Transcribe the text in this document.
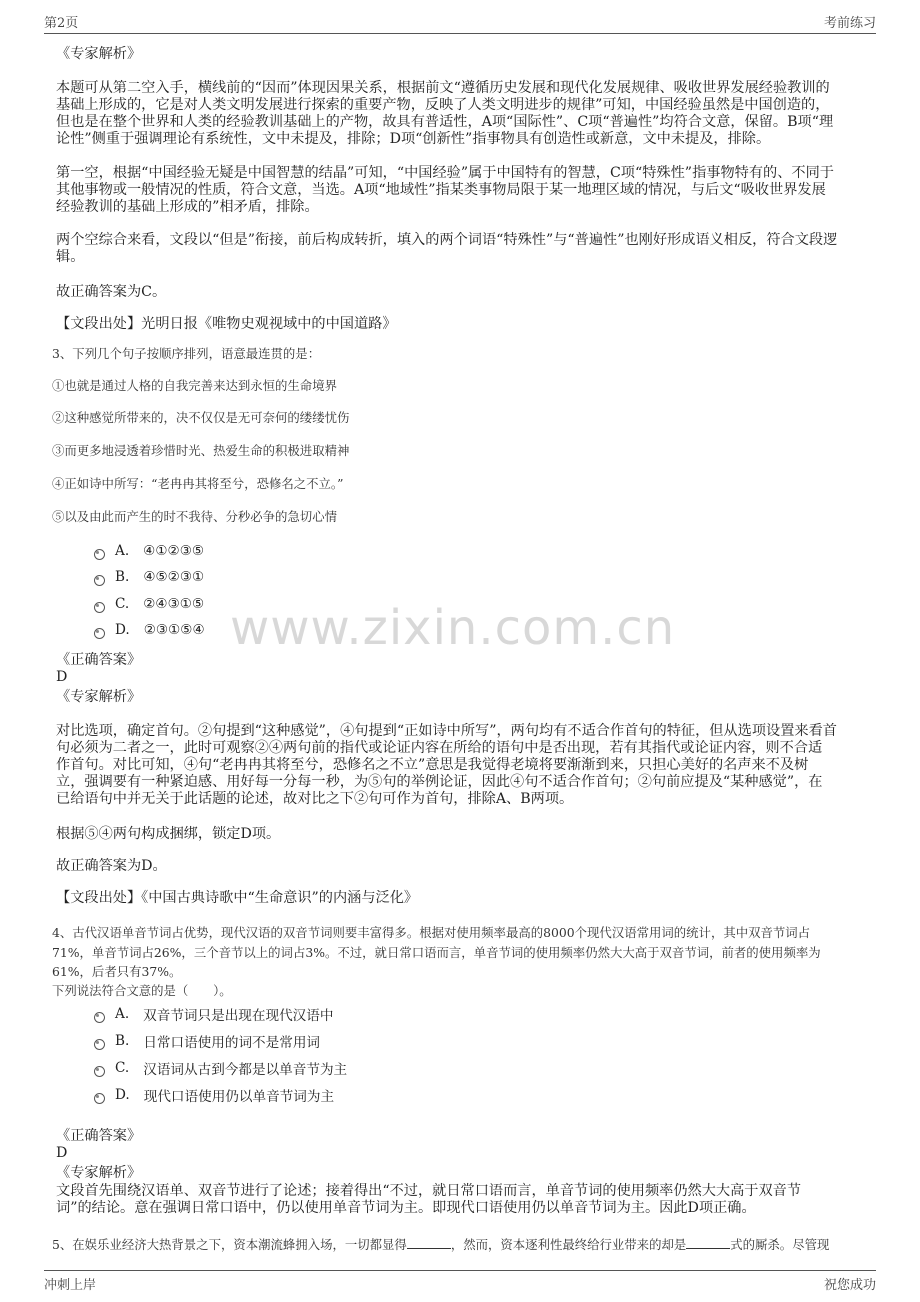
第2页	考前练习
www.zixin.com.cn
《专家解析》
本题可从第二空入手，横线前的“因而”体现因果关系，根据前文“遵循历史发展和现代化发展规律、吸收世界发展经验教训的
基础上形成的，它是对人类文明发展进行探索的重要产物，反映了人类文明进步的规律”可知，中国经验虽然是中国创造的，
但也是在整个世界和人类的经验教训基础上的产物，故具有普适性，A项“国际性”、C项“普遍性”均符合文意，保留。B项“理
论性”侧重于强调理论有系统性，文中未提及，排除；D项“创新性”指事物具有创造性或新意，文中未提及，排除。
第一空，根据“中国经验无疑是中国智慧的结晶”可知，“中国经验”属于中国特有的智慧，C项“特殊性”指事物特有的、不同于
其他事物或一般情况的性质，符合文意，当选。A项“地域性”指某类事物局限于某一地理区域的情况，与后文“吸收世界发展
经验教训的基础上形成的”相矛盾，排除。
两个空综合来看，文段以“但是”衔接，前后构成转折，填入的两个词语“特殊性”与“普遍性”也刚好形成语义相反，符合文段逻
辑。
故正确答案为C。
【文段出处】光明日报《唯物史观视域中的中国道路》
3、下列几个句子按顺序排列，语意最连贯的是：
①也就是通过人格的自我完善来达到永恒的生命境界
②这种感觉所带来的，决不仅仅是无可奈何的缕缕忧伤
③而更多地浸透着珍惜时光、热爱生命的积极进取精神
④正如诗中所写：“老冉冉其将至兮，恐修名之不立。”
⑤以及由此而产生的时不我待、分秒必争的急切心情
A. ④①②③⑤
B. ④⑤②③①
C. ②④③①⑤
D. ②③①⑤④
《正确答案》
D
《专家解析》
对比选项，确定首句。②句提到“这种感觉”，④句提到“正如诗中所写”，两句均有不适合作首句的特征，但从选项设置来看首
句必须为二者之一，此时可观察②④两句前的指代或论证内容在所给的语句中是否出现，若有其指代或论证内容，则不合适
作首句。对比可知，④句“老冉冉其将至兮，恐修名之不立”意思是我觉得老境将要渐渐到来，只担心美好的名声来不及树
立，强调要有一种紧迫感、用好每一分每一秒，为⑤句的举例论证，因此④句不适合作首句；②句前应提及“某种感觉”，在
已给语句中并无关于此话题的论述，故对比之下②句可作为首句，排除A、B两项。
根据⑤④两句构成捆绑，锁定D项。
故正确答案为D。
【文段出处】《中国古典诗歌中“生命意识”的内涵与泛化》
4、古代汉语单音节词占优势，现代汉语的双音节词则要丰富得多。根据对使用频率最高的8000个现代汉语常用词的统计，其中双音节词占
71%，单音节词占26%，三个音节以上的词占3%。不过，就日常口语而言，单音节词的使用频率仍然大大高于双音节词，前者的使用频率为
61%，后者只有37%。
下列说法符合文意的是（　　）。
A. 双音节词只是出现在现代汉语中
B. 日常口语使用的词不是常用词
C. 汉语词从古到今都是以单音节为主
D. 现代口语使用仍以单音节词为主
《正确答案》
D
《专家解析》
文段首先围绕汉语单、双音节进行了论述；接着得出“不过，就日常口语而言，单音节词的使用频率仍然大大高于双音节
词”的结论。意在强调日常口语中，仍以使用单音节词为主。即现代口语使用仍以单音节词为主。因此D项正确。
5、在娱乐业经济大热背景之下，资本潮流蜂拥入场，一切都显得	，然而，资本逐利性最终给行业带来的却是	式的厮杀。尽管现
冲刺上岸	祝您成功
